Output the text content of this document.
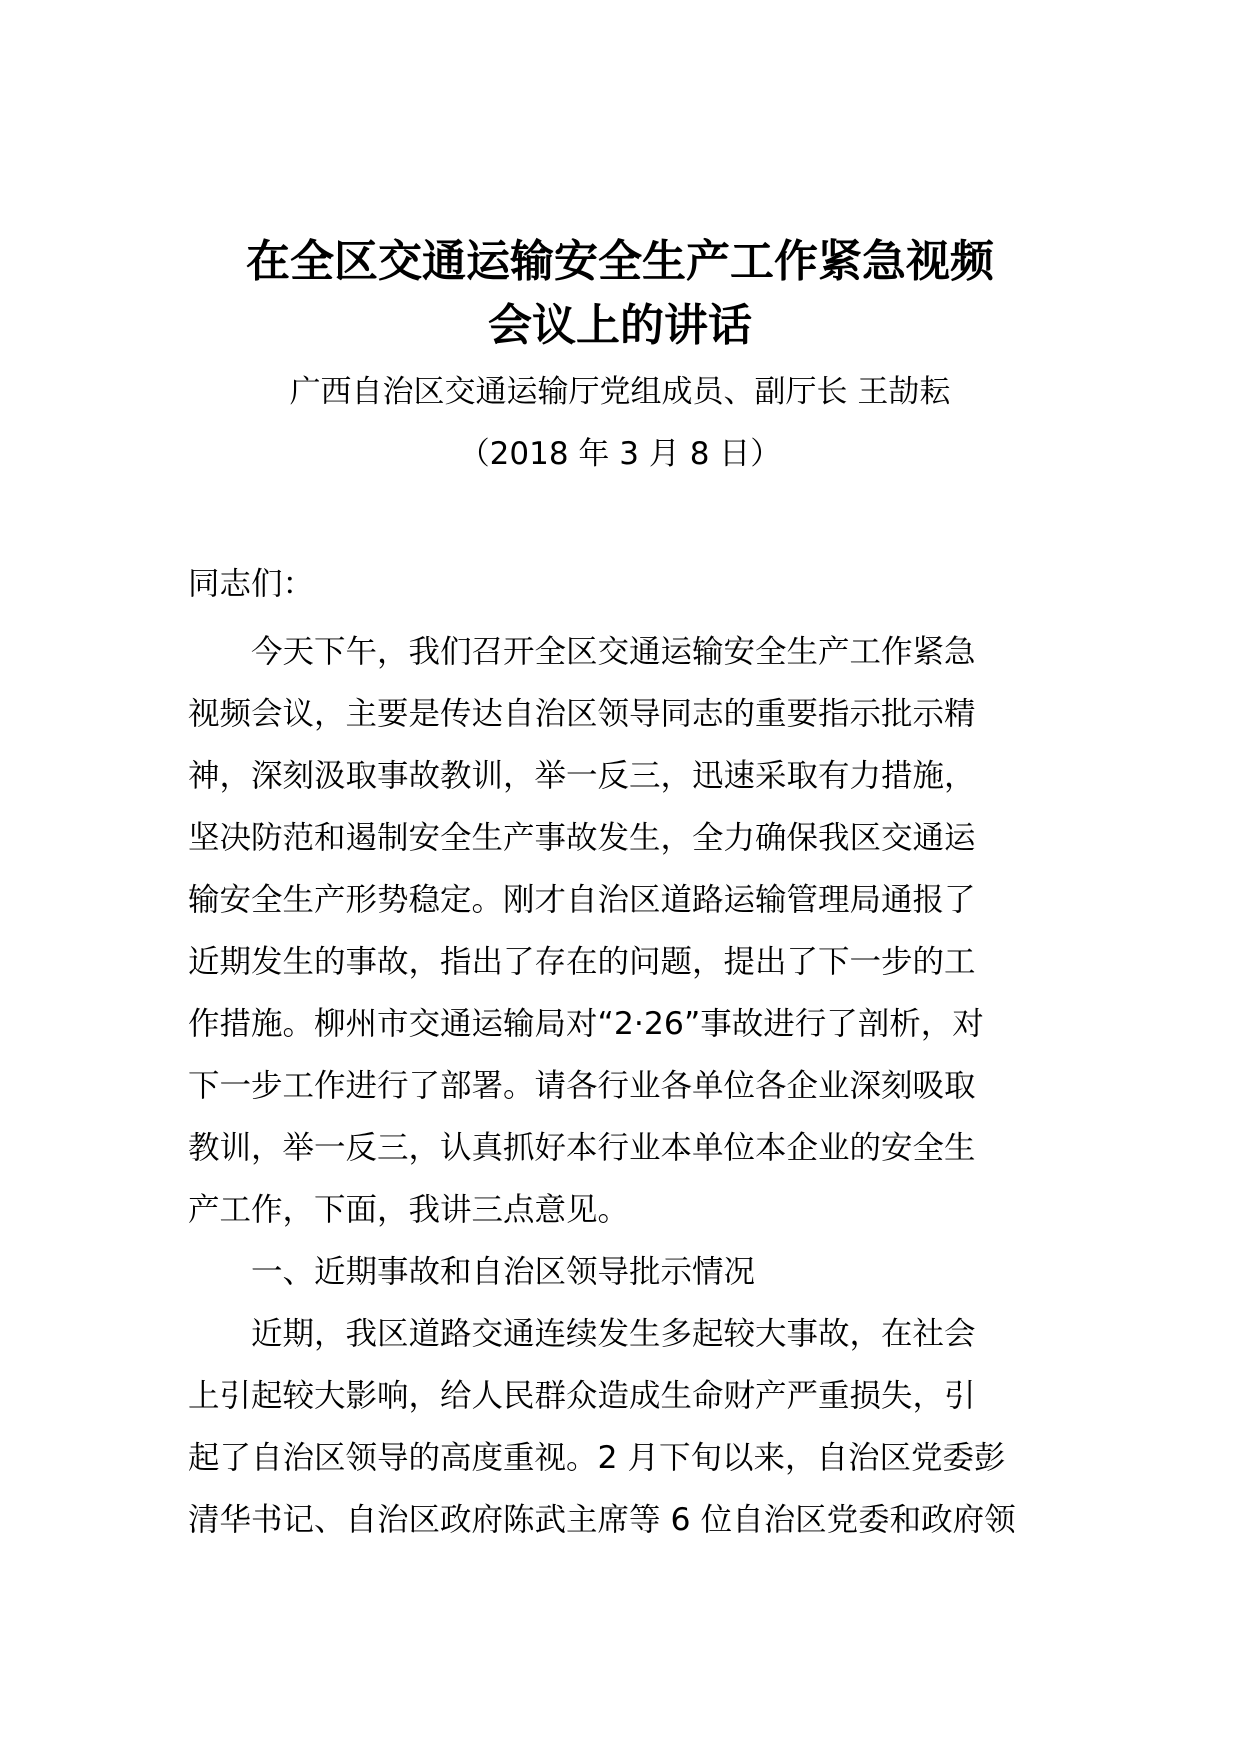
在全区交通运输安全生产工作紧急视频
会议上的讲话
广西自治区交通运输厅党组成员、副厅长 王劼耘
（2018 年 3 月 8 日）
同志们：
　　今天下午，我们召开全区交通运输安全生产工作紧急
视频会议，主要是传达自治区领导同志的重要指示批示精
神，深刻汲取事故教训，举一反三，迅速采取有力措施，
坚决防范和遏制安全生产事故发生，全力确保我区交通运
输安全生产形势稳定。刚才自治区道路运输管理局通报了
近期发生的事故，指出了存在的问题，提出了下一步的工
作措施。柳州市交通运输局对“2·26”事故进行了剖析，对
下一步工作进行了部署。请各行业各单位各企业深刻吸取
教训，举一反三，认真抓好本行业本单位本企业的安全生
产工作，下面，我讲三点意见。
　　一、近期事故和自治区领导批示情况
　　近期，我区道路交通连续发生多起较大事故，在社会
上引起较大影响，给人民群众造成生命财产严重损失，引
起了自治区领导的高度重视。2 月下旬以来，自治区党委彭
清华书记、自治区政府陈武主席等 6 位自治区党委和政府领
